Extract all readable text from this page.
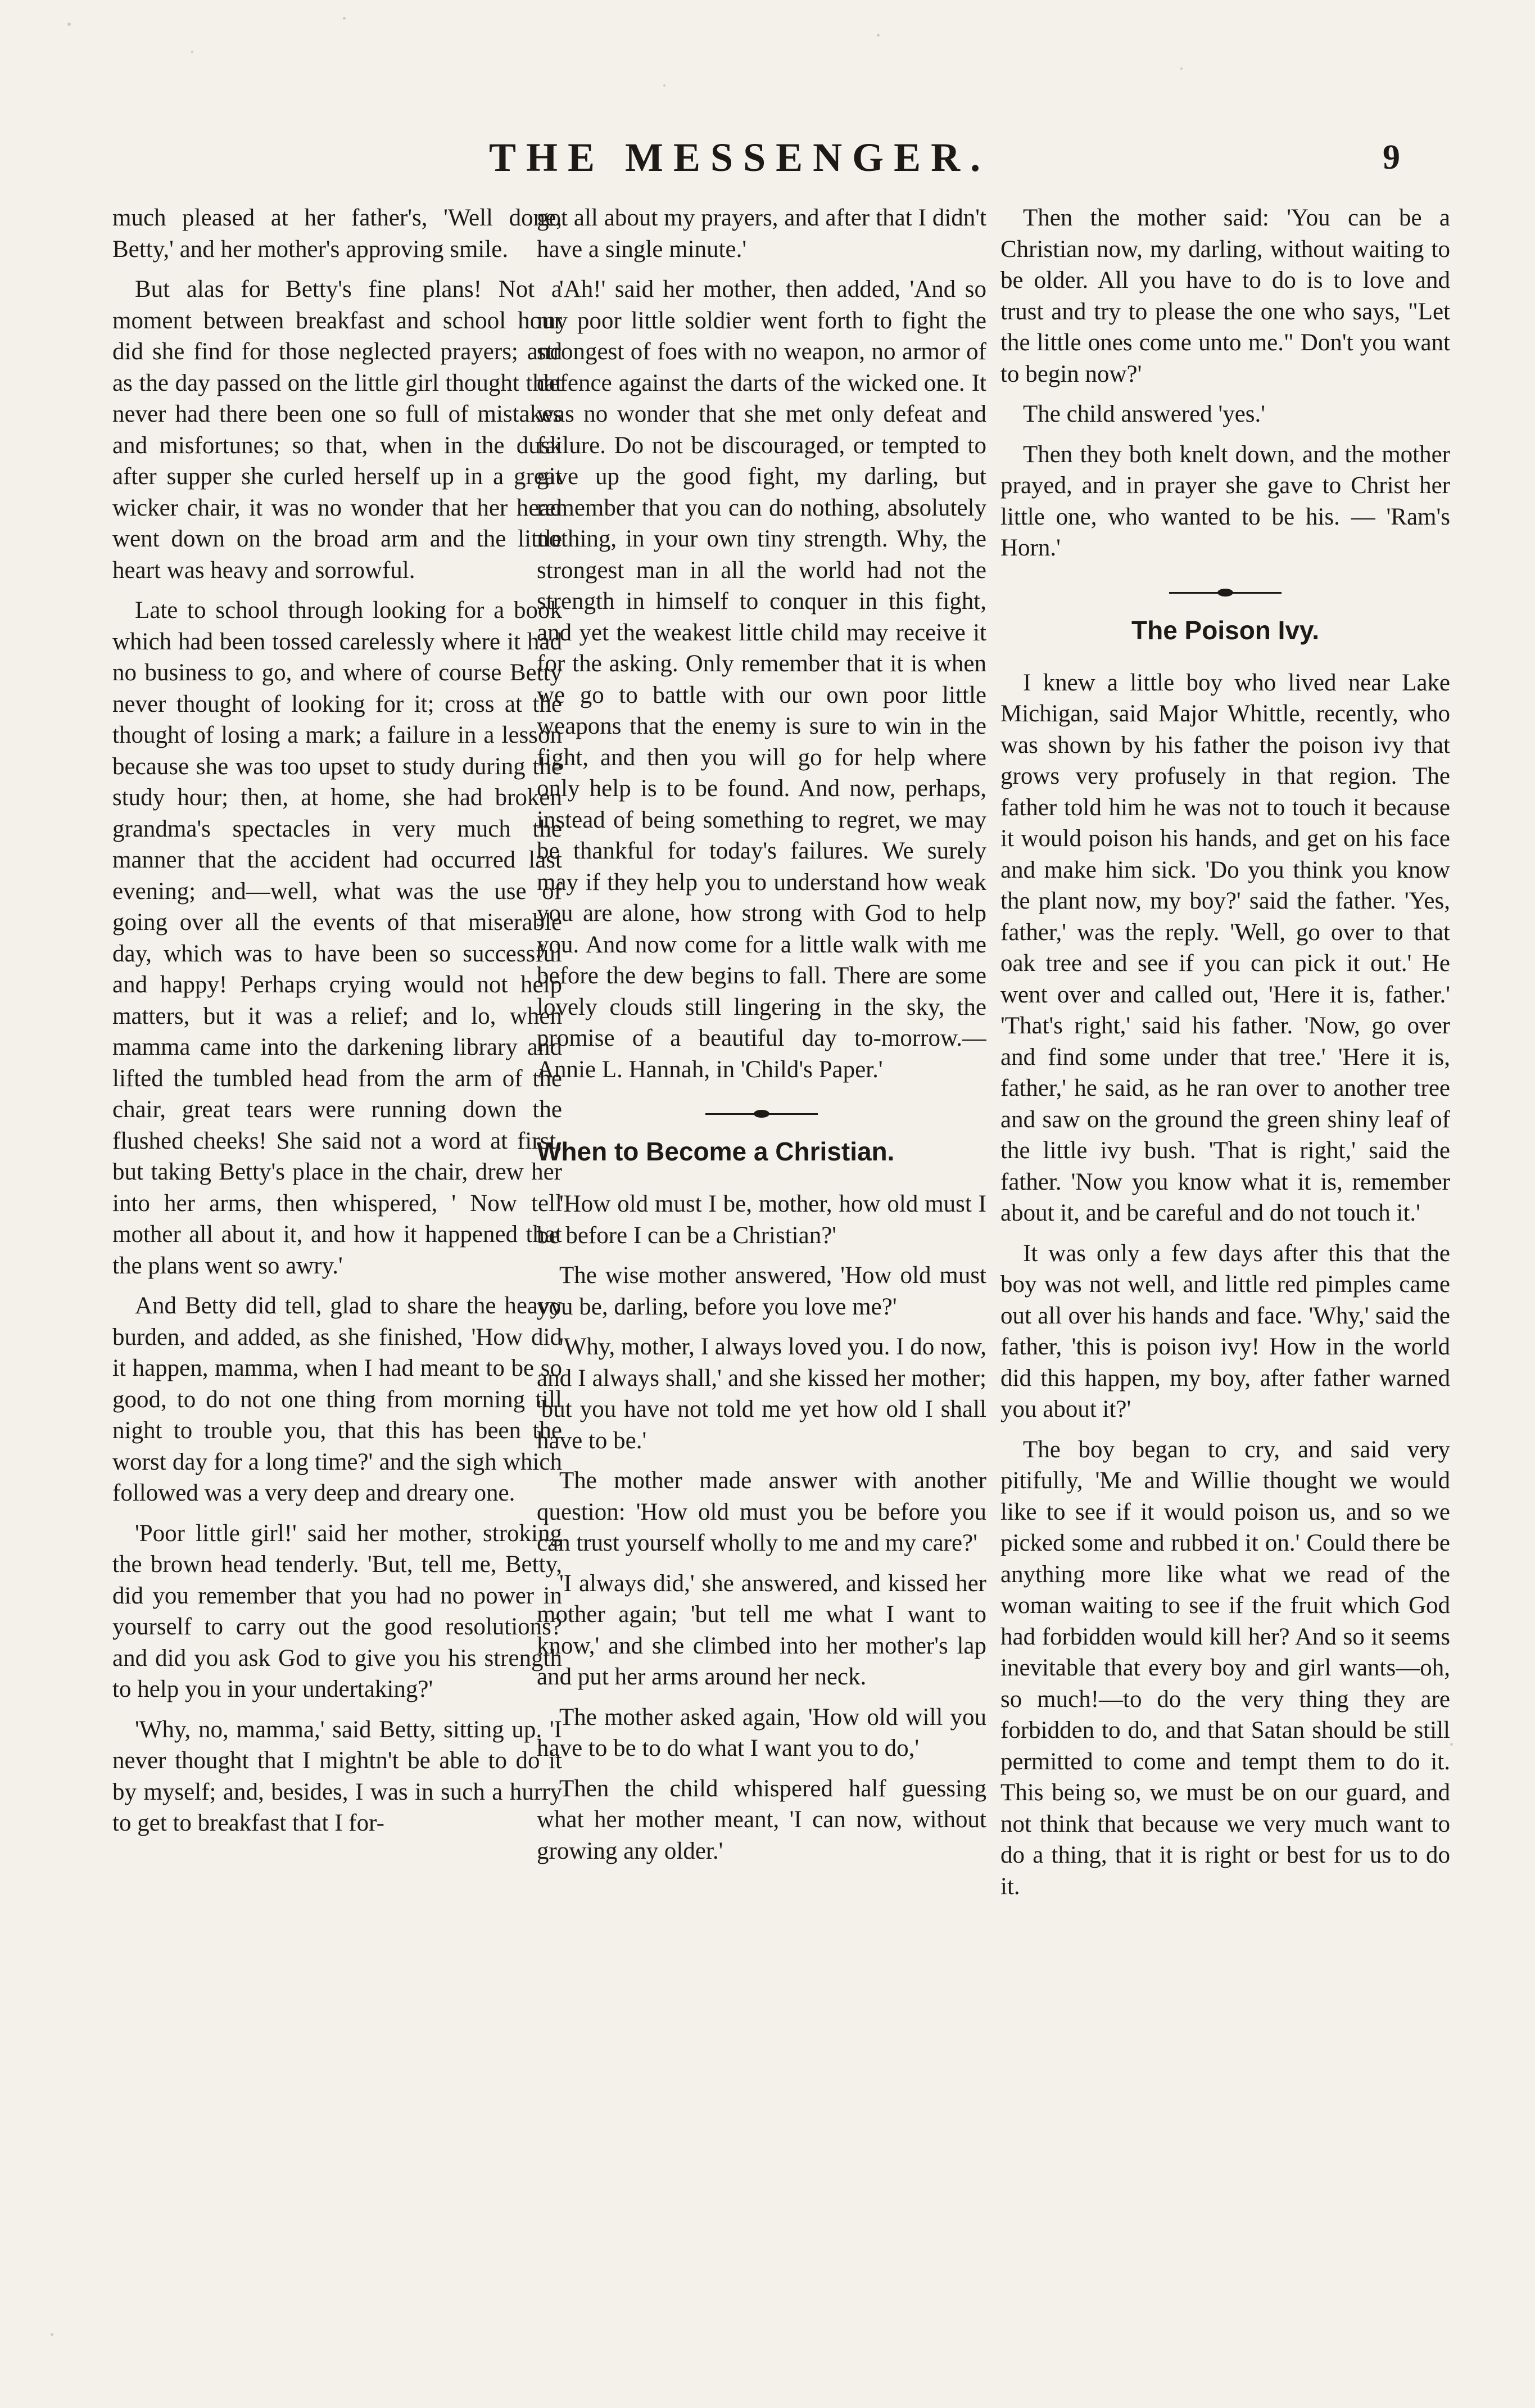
THE MESSENGER.	9

much pleased at her father's, 'Well done, Betty,' and her mother's approving smile.

But alas for Betty's fine plans! Not a moment between breakfast and school hour did she find for those neglected prayers; and as the day passed on the little girl thought that never had there been one so full of mistakes and misfortunes; so that, when in the dusk after supper she curled herself up in a great wicker chair, it was no wonder that her head went down on the broad arm and the little heart was heavy and sorrowful.

Late to school through looking for a book which had been tossed carelessly where it had no business to go, and where of course Betty never thought of looking for it; cross at the thought of losing a mark; a failure in a lesson because she was too upset to study during the study hour; then, at home, she had broken grandma's spectacles in very much the manner that the accident had occurred last evening; and—well, what was the use of going over all the events of that miserable day, which was to have been so successful and happy! Perhaps crying would not help matters, but it was a relief; and lo, when mamma came into the darkening library and lifted the tumbled head from the arm of the chair, great tears were running down the flushed cheeks! She said not a word at first, but taking Betty's place in the chair, drew her into her arms, then whispered, ' Now tell mother all about it, and how it happened that the plans went so awry.'

And Betty did tell, glad to share the heavy burden, and added, as she finished, 'How did it happen, mamma, when I had meant to be so good, to do not one thing from morning till night to trouble you, that this has been the worst day for a long time?' and the sigh which followed was a very deep and dreary one.

'Poor little girl!' said her mother, stroking the brown head tenderly. 'But, tell me, Betty, did you remember that you had no power in yourself to carry out the good resolutions? and did you ask God to give you his strength to help you in your undertaking?'

'Why, no, mamma,' said Betty, sitting up. 'I never thought that I mightn't be able to do it by myself; and, besides, I was in such a hurry to get to breakfast that I for-

got all about my prayers, and after that I didn't have a single minute.'

'Ah!' said her mother, then added, 'And so my poor little soldier went forth to fight the strongest of foes with no weapon, no armor of defence against the darts of the wicked one. It was no wonder that she met only defeat and failure. Do not be discouraged, or tempted to give up the good fight, my darling, but remember that you can do nothing, absolutely nothing, in your own tiny strength. Why, the strongest man in all the world had not the strength in himself to conquer in this fight, and yet the weakest little child may receive it for the asking. Only remember that it is when we go to battle with our own poor little weapons that the enemy is sure to win in the fight, and then you will go for help where only help is to be found. And now, perhaps, instead of being something to regret, we may be thankful for today's failures. We surely may if they help you to understand how weak you are alone, how strong with God to help you. And now come for a little walk with me before the dew begins to fall. There are some lovely clouds still lingering in the sky, the promise of a beautiful day to-morrow.—Annie L. Hannah, in 'Child's Paper.'

When to Become a Christian.

'How old must I be, mother, how old must I be before I can be a Christian?'

The wise mother answered, 'How old must you be, darling, before you love me?'

'Why, mother, I always loved you. I do now, and I always shall,' and she kissed her mother; 'but you have not told me yet how old I shall have to be.'

The mother made answer with another question: 'How old must you be before you can trust yourself wholly to me and my care?'

'I always did,' she answered, and kissed her mother again; 'but tell me what I want to know,' and she climbed into her mother's lap and put her arms around her neck.

The mother asked again, 'How old will you have to be to do what I want you to do,'

Then the child whispered half guessing what her mother meant, 'I can now, without growing any older.'

Then the mother said: 'You can be a Christian now, my darling, without waiting to be older. All you have to do is to love and trust and try to please the one who says, "Let the little ones come unto me." Don't you want to begin now?'

The child answered 'yes.'

Then they both knelt down, and the mother prayed, and in prayer she gave to Christ her little one, who wanted to be his. — 'Ram's Horn.'

The Poison Ivy.

I knew a little boy who lived near Lake Michigan, said Major Whittle, recently, who was shown by his father the poison ivy that grows very profusely in that region. The father told him he was not to touch it because it would poison his hands, and get on his face and make him sick. 'Do you think you know the plant now, my boy?' said the father. 'Yes, father,' was the reply. 'Well, go over to that oak tree and see if you can pick it out.' He went over and called out, 'Here it is, father.' 'That's right,' said his father. 'Now, go over and find some under that tree.' 'Here it is, father,' he said, as he ran over to another tree and saw on the ground the green shiny leaf of the little ivy bush. 'That is right,' said the father. 'Now you know what it is, remember about it, and be careful and do not touch it.'

It was only a few days after this that the boy was not well, and little red pimples came out all over his hands and face. 'Why,' said the father, 'this is poison ivy! How in the world did this happen, my boy, after father warned you about it?'

The boy began to cry, and said very pitifully, 'Me and Willie thought we would like to see if it would poison us, and so we picked some and rubbed it on.' Could there be anything more like what we read of the woman waiting to see if the fruit which God had forbidden would kill her? And so it seems inevitable that every boy and girl wants—oh, so much!—to do the very thing they are forbidden to do, and that Satan should be still permitted to come and tempt them to do it. This being so, we must be on our guard, and not think that because we very much want to do a thing, that it is right or best for us to do it.
